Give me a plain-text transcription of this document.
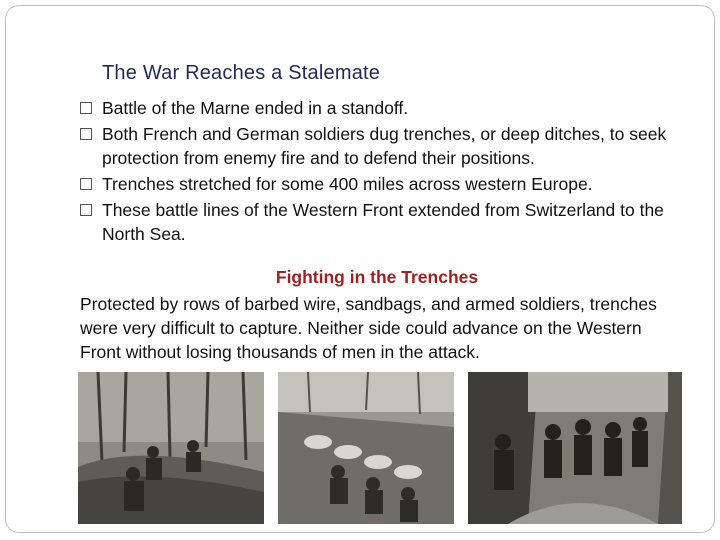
The War Reaches a Stalemate
Battle of the Marne ended in a standoff.
Both French and German soldiers dug trenches, or deep ditches, to seek protection from enemy fire and to defend their positions.
Trenches stretched for some 400 miles across western Europe.
These battle lines of the Western Front extended from Switzerland to the North Sea.
Fighting in the Trenches
Protected by rows of barbed wire, sandbags, and armed soldiers, trenches were very difficult to capture. Neither side could advance on the Western Front without losing thousands of men in the attack.
